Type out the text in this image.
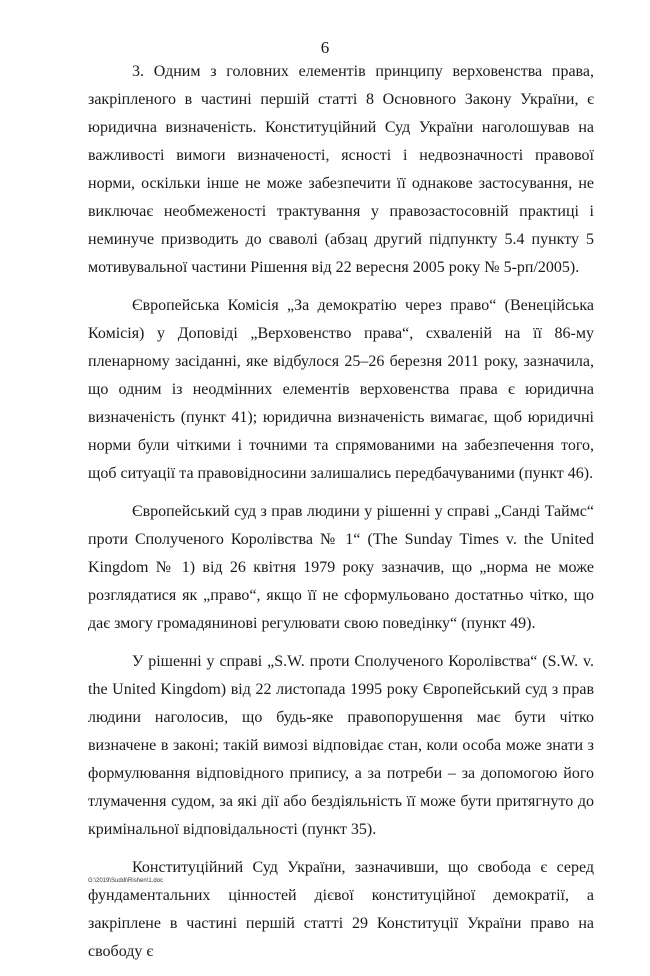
6

3. Одним з головних елементів принципу верховенства права, закріпленого в частині першій статті 8 Основного Закону України, є юридична визначеність. Конституційний Суд України наголошував на важливості вимоги визначеності, ясності і недвозначності правової норми, оскільки інше не може забезпечити її однакове застосування, не виключає необмеженості трактування у правозастосовній практиці і неминуче призводить до сваволі (абзац другий підпункту 5.4 пункту 5 мотивувальної частини Рішення від 22 вересня 2005 року № 5-рп/2005).

Європейська Комісія „За демократію через право“ (Венеційська Комісія) у Доповіді „Верховенство права“, схваленій на її 86-му пленарному засіданні, яке відбулося 25–26 березня 2011 року, зазначила, що одним із неодмінних елементів верховенства права є юридична визначеність (пункт 41); юридична визначеність вимагає, щоб юридичні норми були чіткими і точними та спрямованими на забезпечення того, щоб ситуації та правовідносини залишались передбачуваними (пункт 46).

Європейський суд з прав людини у рішенні у справі „Санді Таймс“ проти Сполученого Королівства № 1“ (The Sunday Times v. the United Kingdom № 1) від 26 квітня 1979 року зазначив, що „норма не може розглядатися як „право“, якщо її не сформульовано достатньо чітко, що дає змогу громадянинові регулювати свою поведінку“ (пункт 49).

У рішенні у справі „S.W. проти Сполученого Королівства“ (S.W. v. the United Kingdom) від 22 листопада 1995 року Європейський суд з прав людини наголосив, що будь-яке правопорушення має бути чітко визначене в законі; такій вимозі відповідає стан, коли особа може знати з формулювання відповідного припису, а за потреби – за допомогою його тлумачення судом, за які дії або бездіяльність її може бути притягнуто до кримінальної відповідальності (пункт 35).

Конституційний Суд України, зазначивши, що свобода є серед фундаментальних цінностей дієвої конституційної демократії, а закріплене в частині першій статті 29 Конституції України право на свободу є

G:\2019\Suddi\Rishen\1.doc
